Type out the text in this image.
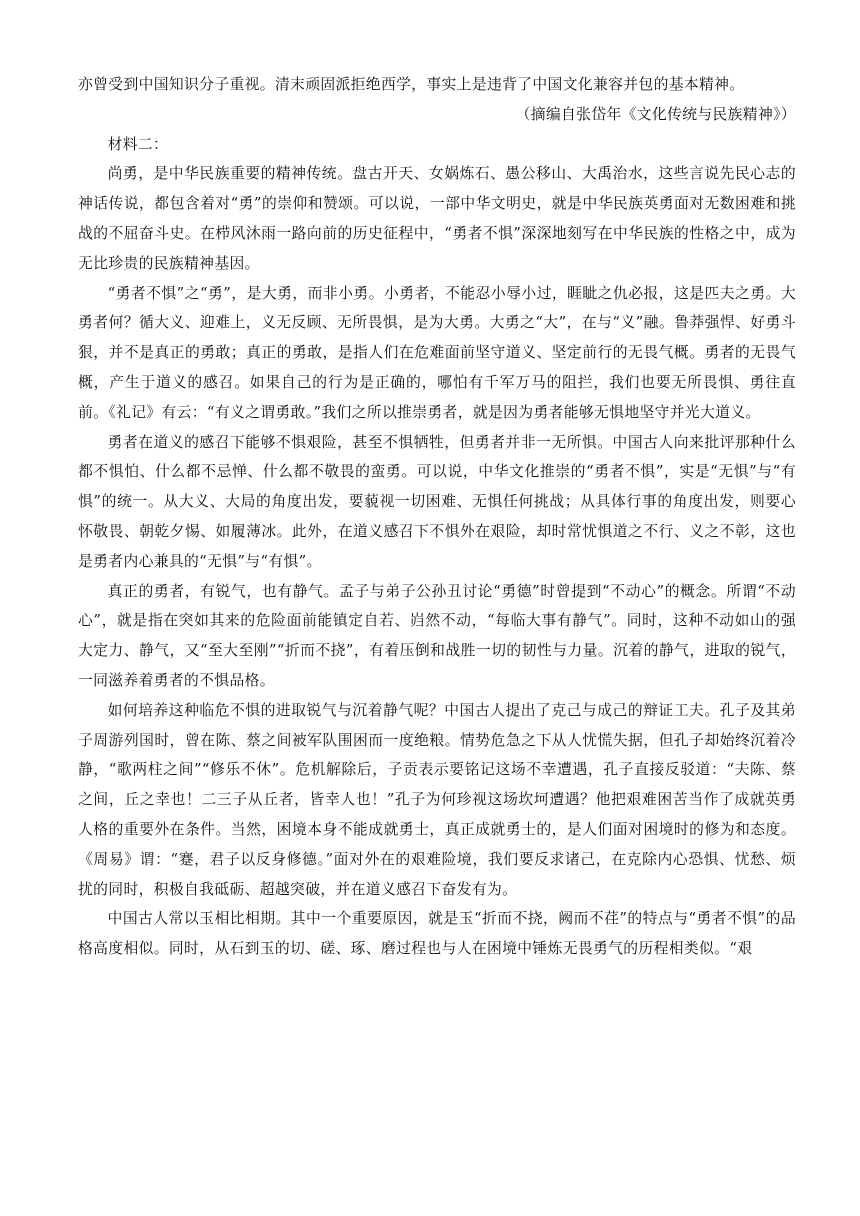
亦曾受到中国知识分子重视。清末顽固派拒绝西学，事实上是违背了中国文化兼容并包的基本精神。

（摘编自张岱年《文化传统与民族精神》）

材料二：

尚勇，是中华民族重要的精神传统。盘古开天、女娲炼石、愚公移山、大禹治水，这些言说先民心志的神话传说，都包含着对“勇”的崇仰和赞颂。可以说，一部中华文明史，就是中华民族英勇面对无数困难和挑战的不屈奋斗史。在栉风沐雨一路向前的历史征程中，“勇者不惧”深深地刻写在中华民族的性格之中，成为无比珍贵的民族精神基因。

“勇者不惧”之“勇”，是大勇，而非小勇。小勇者，不能忍小辱小过，睚眦之仇必报，这是匹夫之勇。大勇者何？循大义、迎难上，义无反顾、无所畏惧，是为大勇。大勇之“大”，在与“义”融。鲁莽强悍、好勇斗狠，并不是真正的勇敢；真正的勇敢，是指人们在危难面前坚守道义、坚定前行的无畏气概。勇者的无畏气概，产生于道义的感召。如果自己的行为是正确的，哪怕有千军万马的阻拦，我们也要无所畏惧、勇往直前。《礼记》有云：“有义之谓勇敢。”我们之所以推崇勇者，就是因为勇者能够无惧地坚守并光大道义。

勇者在道义的感召下能够不惧艰险，甚至不惧牺牲，但勇者并非一无所惧。中国古人向来批评那种什么都不惧怕、什么都不忌惮、什么都不敬畏的蛮勇。可以说，中华文化推崇的“勇者不惧”，实是“无惧”与“有惧”的统一。从大义、大局的角度出发，要藐视一切困难、无惧任何挑战；从具体行事的角度出发，则要心怀敬畏、朝乾夕惕、如履薄冰。此外，在道义感召下不惧外在艰险，却时常忧惧道之不行、义之不彰，这也是勇者内心兼具的“无惧”与“有惧”。

真正的勇者，有锐气，也有静气。孟子与弟子公孙丑讨论“勇德”时曾提到“不动心”的概念。所谓“不动心”，就是指在突如其来的危险面前能镇定自若、岿然不动，“每临大事有静气”。同时，这种不动如山的强大定力、静气，又“至大至刚”“折而不挠”，有着压倒和战胜一切的韧性与力量。沉着的静气，进取的锐气，一同滋养着勇者的不惧品格。

如何培养这种临危不惧的进取锐气与沉着静气呢？中国古人提出了克己与成己的辩证工夫。孔子及其弟子周游列国时，曾在陈、蔡之间被军队围困而一度绝粮。情势危急之下从人忧慌失据，但孔子却始终沉着冷静，“歌两柱之间”“修乐不休”。危机解除后，子贡表示要铭记这场不幸遭遇，孔子直接反驳道：“夫陈、蔡之间，丘之幸也！二三子从丘者，皆幸人也！”孔子为何珍视这场坎坷遭遇？他把艰难困苦当作了成就英勇人格的重要外在条件。当然，困境本身不能成就勇士，真正成就勇士的，是人们面对困境时的修为和态度。《周易》谓：“蹇，君子以反身修德。”面对外在的艰难险境，我们要反求诸己，在克除内心恐惧、忧愁、烦扰的同时，积极自我砥砺、超越突破，并在道义感召下奋发有为。

中国古人常以玉相比相期。其中一个重要原因，就是玉“折而不挠，阙而不荏”的特点与“勇者不惧”的品格高度相似。同时，从石到玉的切、磋、琢、磨过程也与人在困境中锤炼无畏勇气的历程相类似。“艰
